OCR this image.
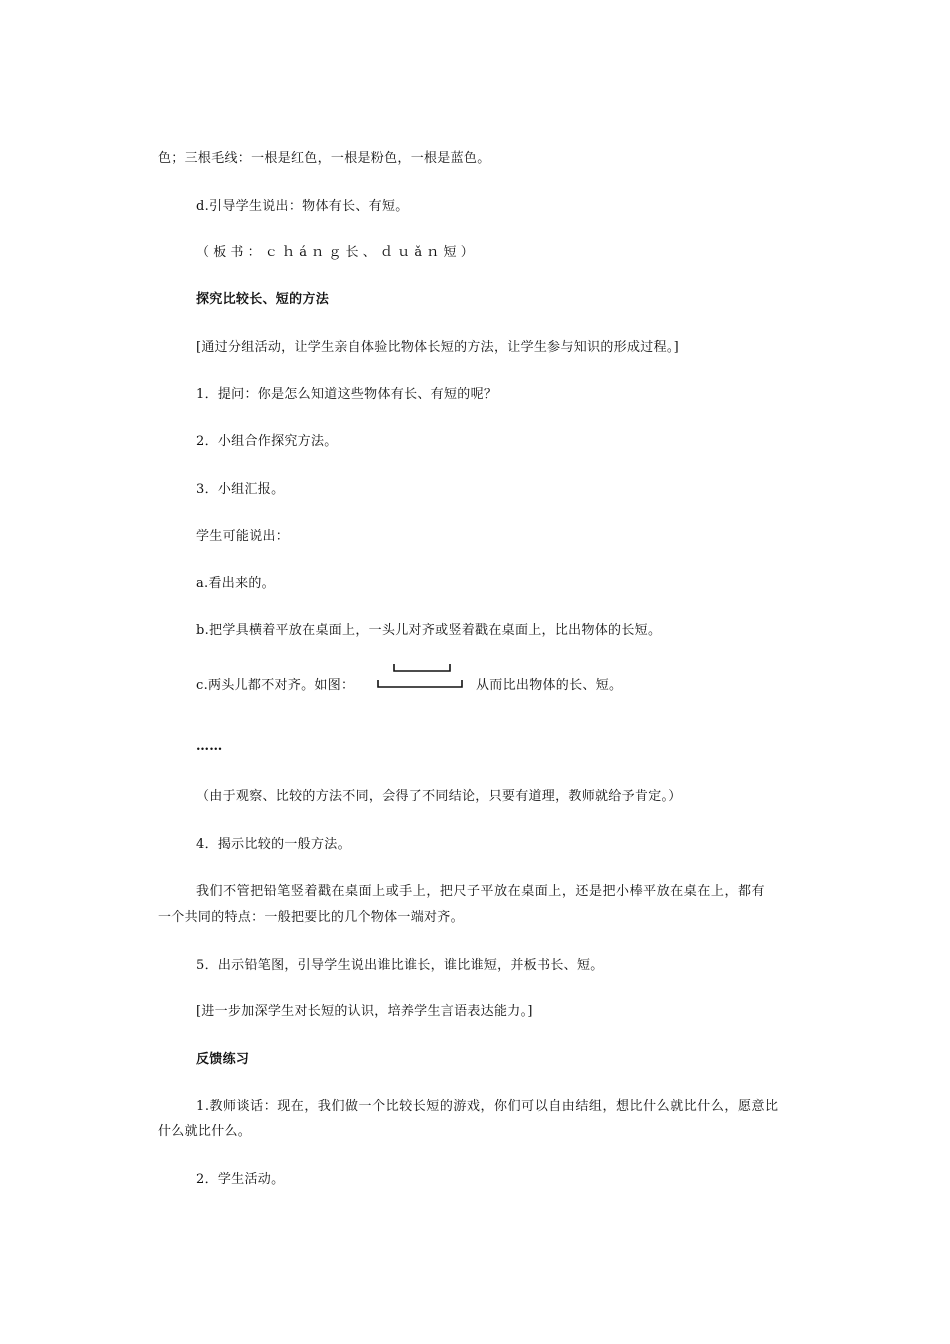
色；三根毛线：一根是红色，一根是粉色，一根是蓝色。

d.引导学生说出：物体有长、有短。

（板书：ｃｈáｎｇ长、ｄｕǎｎ短）

探究比较长、短的方法

[通过分组活动，让学生亲自体验比物体长短的方法，让学生参与知识的形成过程。]

1．提问：你是怎么知道这些物体有长、有短的呢？

2．小组合作探究方法。

3．小组汇报。

学生可能说出：

a.看出来的。

b.把学具横着平放在桌面上，一头儿对齐或竖着戳在桌面上，比出物体的长短。

c.两头儿都不对齐。如图：	从而比出物体的长、短。

……

（由于观察、比较的方法不同，会得了不同结论，只要有道理，教师就给予肯定。）

4．揭示比较的一般方法。

我们不管把铅笔竖着戳在桌面上或手上，把尺子平放在桌面上，还是把小棒平放在桌在上，都有

一个共同的特点：一般把要比的几个物体一端对齐。

5．出示铅笔图，引导学生说出谁比谁长，谁比谁短，并板书长、短。

[进一步加深学生对长短的认识，培养学生言语表达能力。]

反馈练习

1.教师谈话：现在，我们做一个比较长短的游戏，你们可以自由结组，想比什么就比什么，愿意比

什么就比什么。

2．学生活动。
